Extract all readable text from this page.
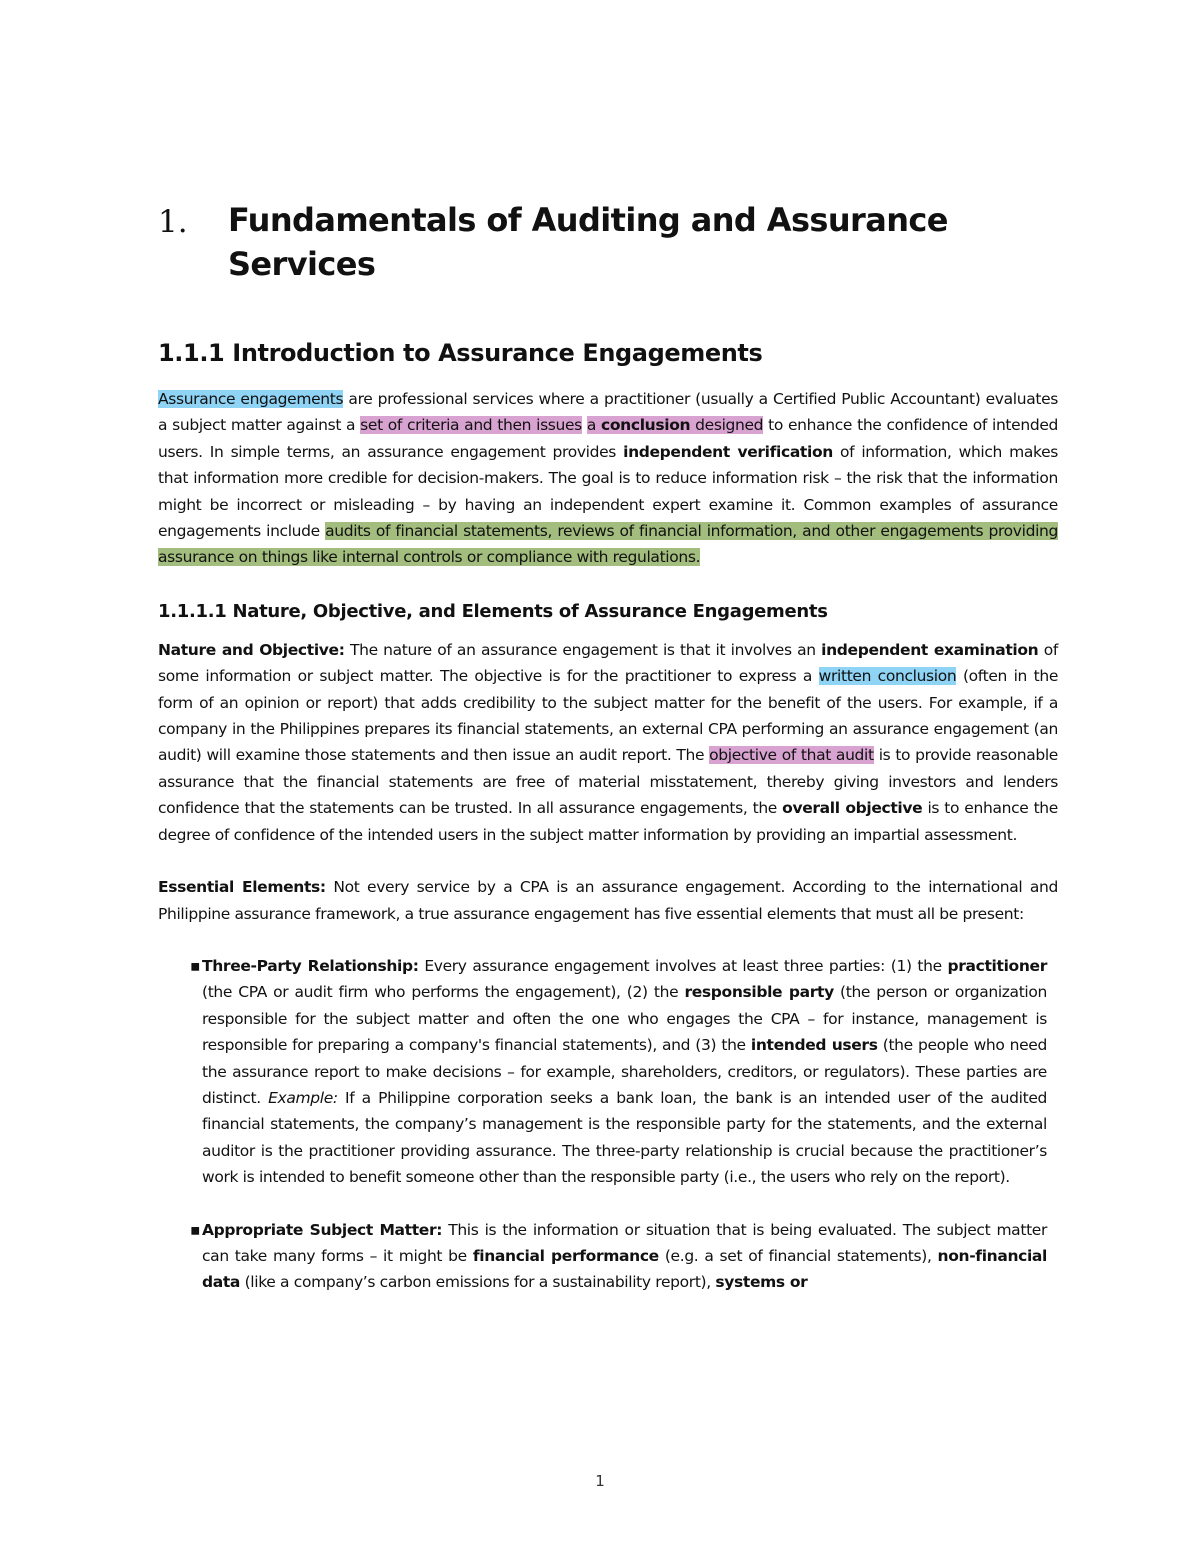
1.	Fundamentals of Auditing and Assurance Services
1.1.1 Introduction to Assurance Engagements

Assurance engagements are professional services where a practitioner (usually a Certified Public Accountant) evaluates a subject matter against a set of criteria and then issues a conclusion designed to enhance the confidence of intended users. In simple terms, an assurance engagement provides independent verification of information, which makes that information more credible for decision-makers. The goal is to reduce information risk – the risk that the information might be incorrect or misleading – by having an independent expert examine it. Common examples of assurance engagements include audits of financial statements, reviews of financial information, and other engagements providing assurance on things like internal controls or compliance with regulations.

1.1.1.1 Nature, Objective, and Elements of Assurance Engagements

Nature and Objective: The nature of an assurance engagement is that it involves an independent examination of some information or subject matter. The objective is for the practitioner to express a written conclusion (often in the form of an opinion or report) that adds credibility to the subject matter for the benefit of the users. For example, if a company in the Philippines prepares its financial statements, an external CPA performing an assurance engagement (an audit) will examine those statements and then issue an audit report. The objective of that audit is to provide reasonable assurance that the financial statements are free of material misstatement, thereby giving investors and lenders confidence that the statements can be trusted. In all assurance engagements, the overall objective is to enhance the degree of confidence of the intended users in the subject matter information by providing an impartial assessment.

Essential Elements: Not every service by a CPA is an assurance engagement. According to the international and Philippine assurance framework, a true assurance engagement has five essential elements that must all be present:

▪ Three-Party Relationship: Every assurance engagement involves at least three parties: (1) the practitioner (the CPA or audit firm who performs the engagement), (2) the responsible party (the person or organization responsible for the subject matter and often the one who engages the CPA – for instance, management is responsible for preparing a company's financial statements), and (3) the intended users (the people who need the assurance report to make decisions – for example, shareholders, creditors, or regulators). These parties are distinct. Example: If a Philippine corporation seeks a bank loan, the bank is an intended user of the audited financial statements, the company’s management is the responsible party for the statements, and the external auditor is the practitioner providing assurance. The three-party relationship is crucial because the practitioner’s work is intended to benefit someone other than the responsible party (i.e., the users who rely on the report).
▪ Appropriate Subject Matter: This is the information or situation that is being evaluated. The subject matter can take many forms – it might be financial performance (e.g. a set of financial statements), non-financial data (like a company’s carbon emissions for a sustainability report), systems or
1
